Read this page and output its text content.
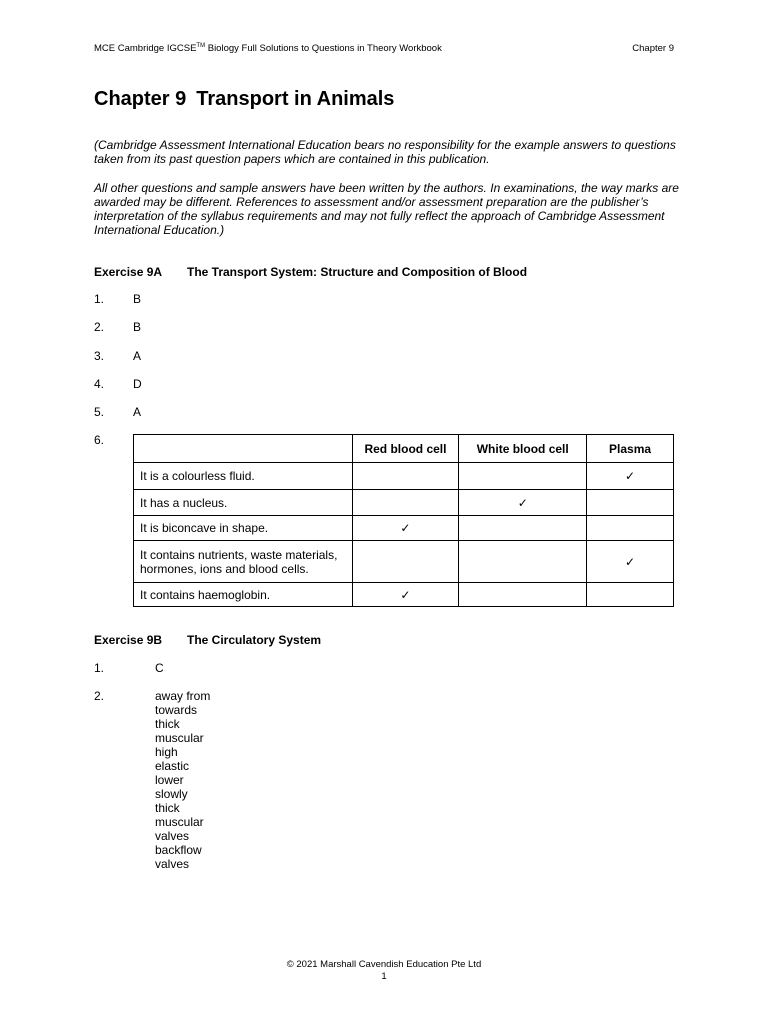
MCE Cambridge IGCSE™ Biology Full Solutions to Questions in Theory Workbook	Chapter 9
Chapter 9 Transport in Animals
(Cambridge Assessment International Education bears no responsibility for the example answers to questions taken from its past question papers which are contained in this publication.
All other questions and sample answers have been written by the authors. In examinations, the way marks are awarded may be different. References to assessment and/or assessment preparation are the publisher’s interpretation of the syllabus requirements and may not fully reflect the approach of Cambridge Assessment International Education.)
Exercise 9A The Transport System: Structure and Composition of Blood
1. B
2. B
3. A
4. D
5. A
6.
	Red blood cell	White blood cell	Plasma
It is a colourless fluid.			✓
It has a nucleus.		✓	
It is biconcave in shape.	✓		
It contains nutrients, waste materials, hormones, ions and blood cells.			✓
It contains haemoglobin.	✓		
Exercise 9B The Circulatory System
1.	C
2.	away from
towards
thick
muscular
high
elastic
lower
slowly
thick
muscular
valves
backflow
valves
© 2021 Marshall Cavendish Education Pte Ltd
1
